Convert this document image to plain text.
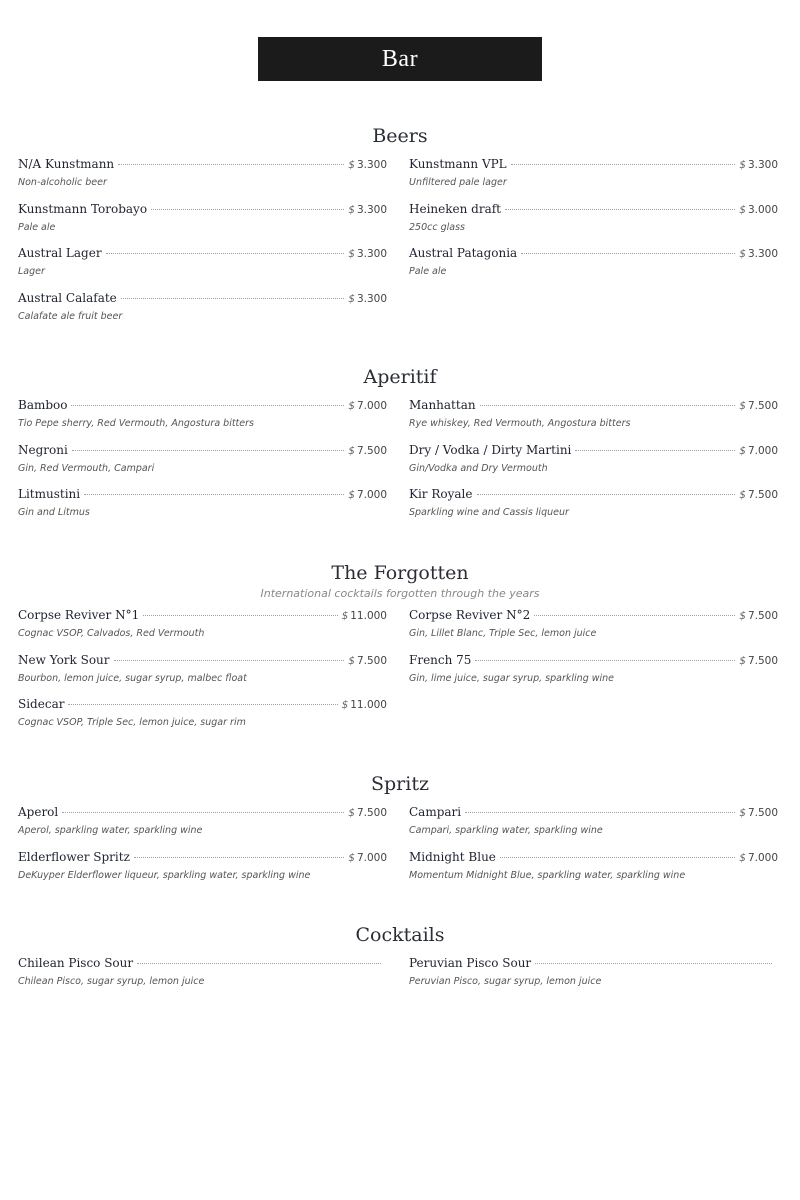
Bar
Beers
N/A Kunstmann	$ 3.300
Non-alcoholic beer
Kunstmann VPL	$ 3.300
Unfiltered pale lager
Kunstmann Torobayo	$ 3.300
Pale ale
Heineken draft	$ 3.000
250cc glass
Austral Lager	$ 3.300
Lager
Austral Patagonia	$ 3.300
Pale ale
Austral Calafate	$ 3.300
Calafate ale fruit beer
Aperitif
Bamboo	$ 7.000
Tio Pepe sherry, Red Vermouth, Angostura bitters
Manhattan	$ 7.500
Rye whiskey, Red Vermouth, Angostura bitters
Negroni	$ 7.500
Gin, Red Vermouth, Campari
Dry / Vodka / Dirty Martini	$ 7.000
Gin/Vodka and Dry Vermouth
Litmustini	$ 7.000
Gin and Litmus
Kir Royale	$ 7.500
Sparkling wine and Cassis liqueur
The Forgotten
International cocktails forgotten through the years
Corpse Reviver N°1	$ 11.000
Cognac VSOP, Calvados, Red Vermouth
Corpse Reviver N°2	$ 7.500
Gin, Lillet Blanc, Triple Sec, lemon juice
New York Sour	$ 7.500
Bourbon, lemon juice, sugar syrup, malbec float
French 75	$ 7.500
Gin, lime juice, sugar syrup, sparkling wine
Sidecar	$ 11.000
Cognac VSOP, Triple Sec, lemon juice, sugar rim
Spritz
Aperol	$ 7.500
Aperol, sparkling water, sparkling wine
Campari	$ 7.500
Campari, sparkling water, sparkling wine
Elderflower Spritz	$ 7.000
DeKuyper Elderflower liqueur, sparkling water, sparkling wine
Midnight Blue	$ 7.000
Momentum Midnight Blue, sparkling water, sparkling wine
Cocktails
Chilean Pisco Sour
Chilean Pisco, sugar syrup, lemon juice
Peruvian Pisco Sour
Peruvian Pisco, sugar syrup, lemon juice
